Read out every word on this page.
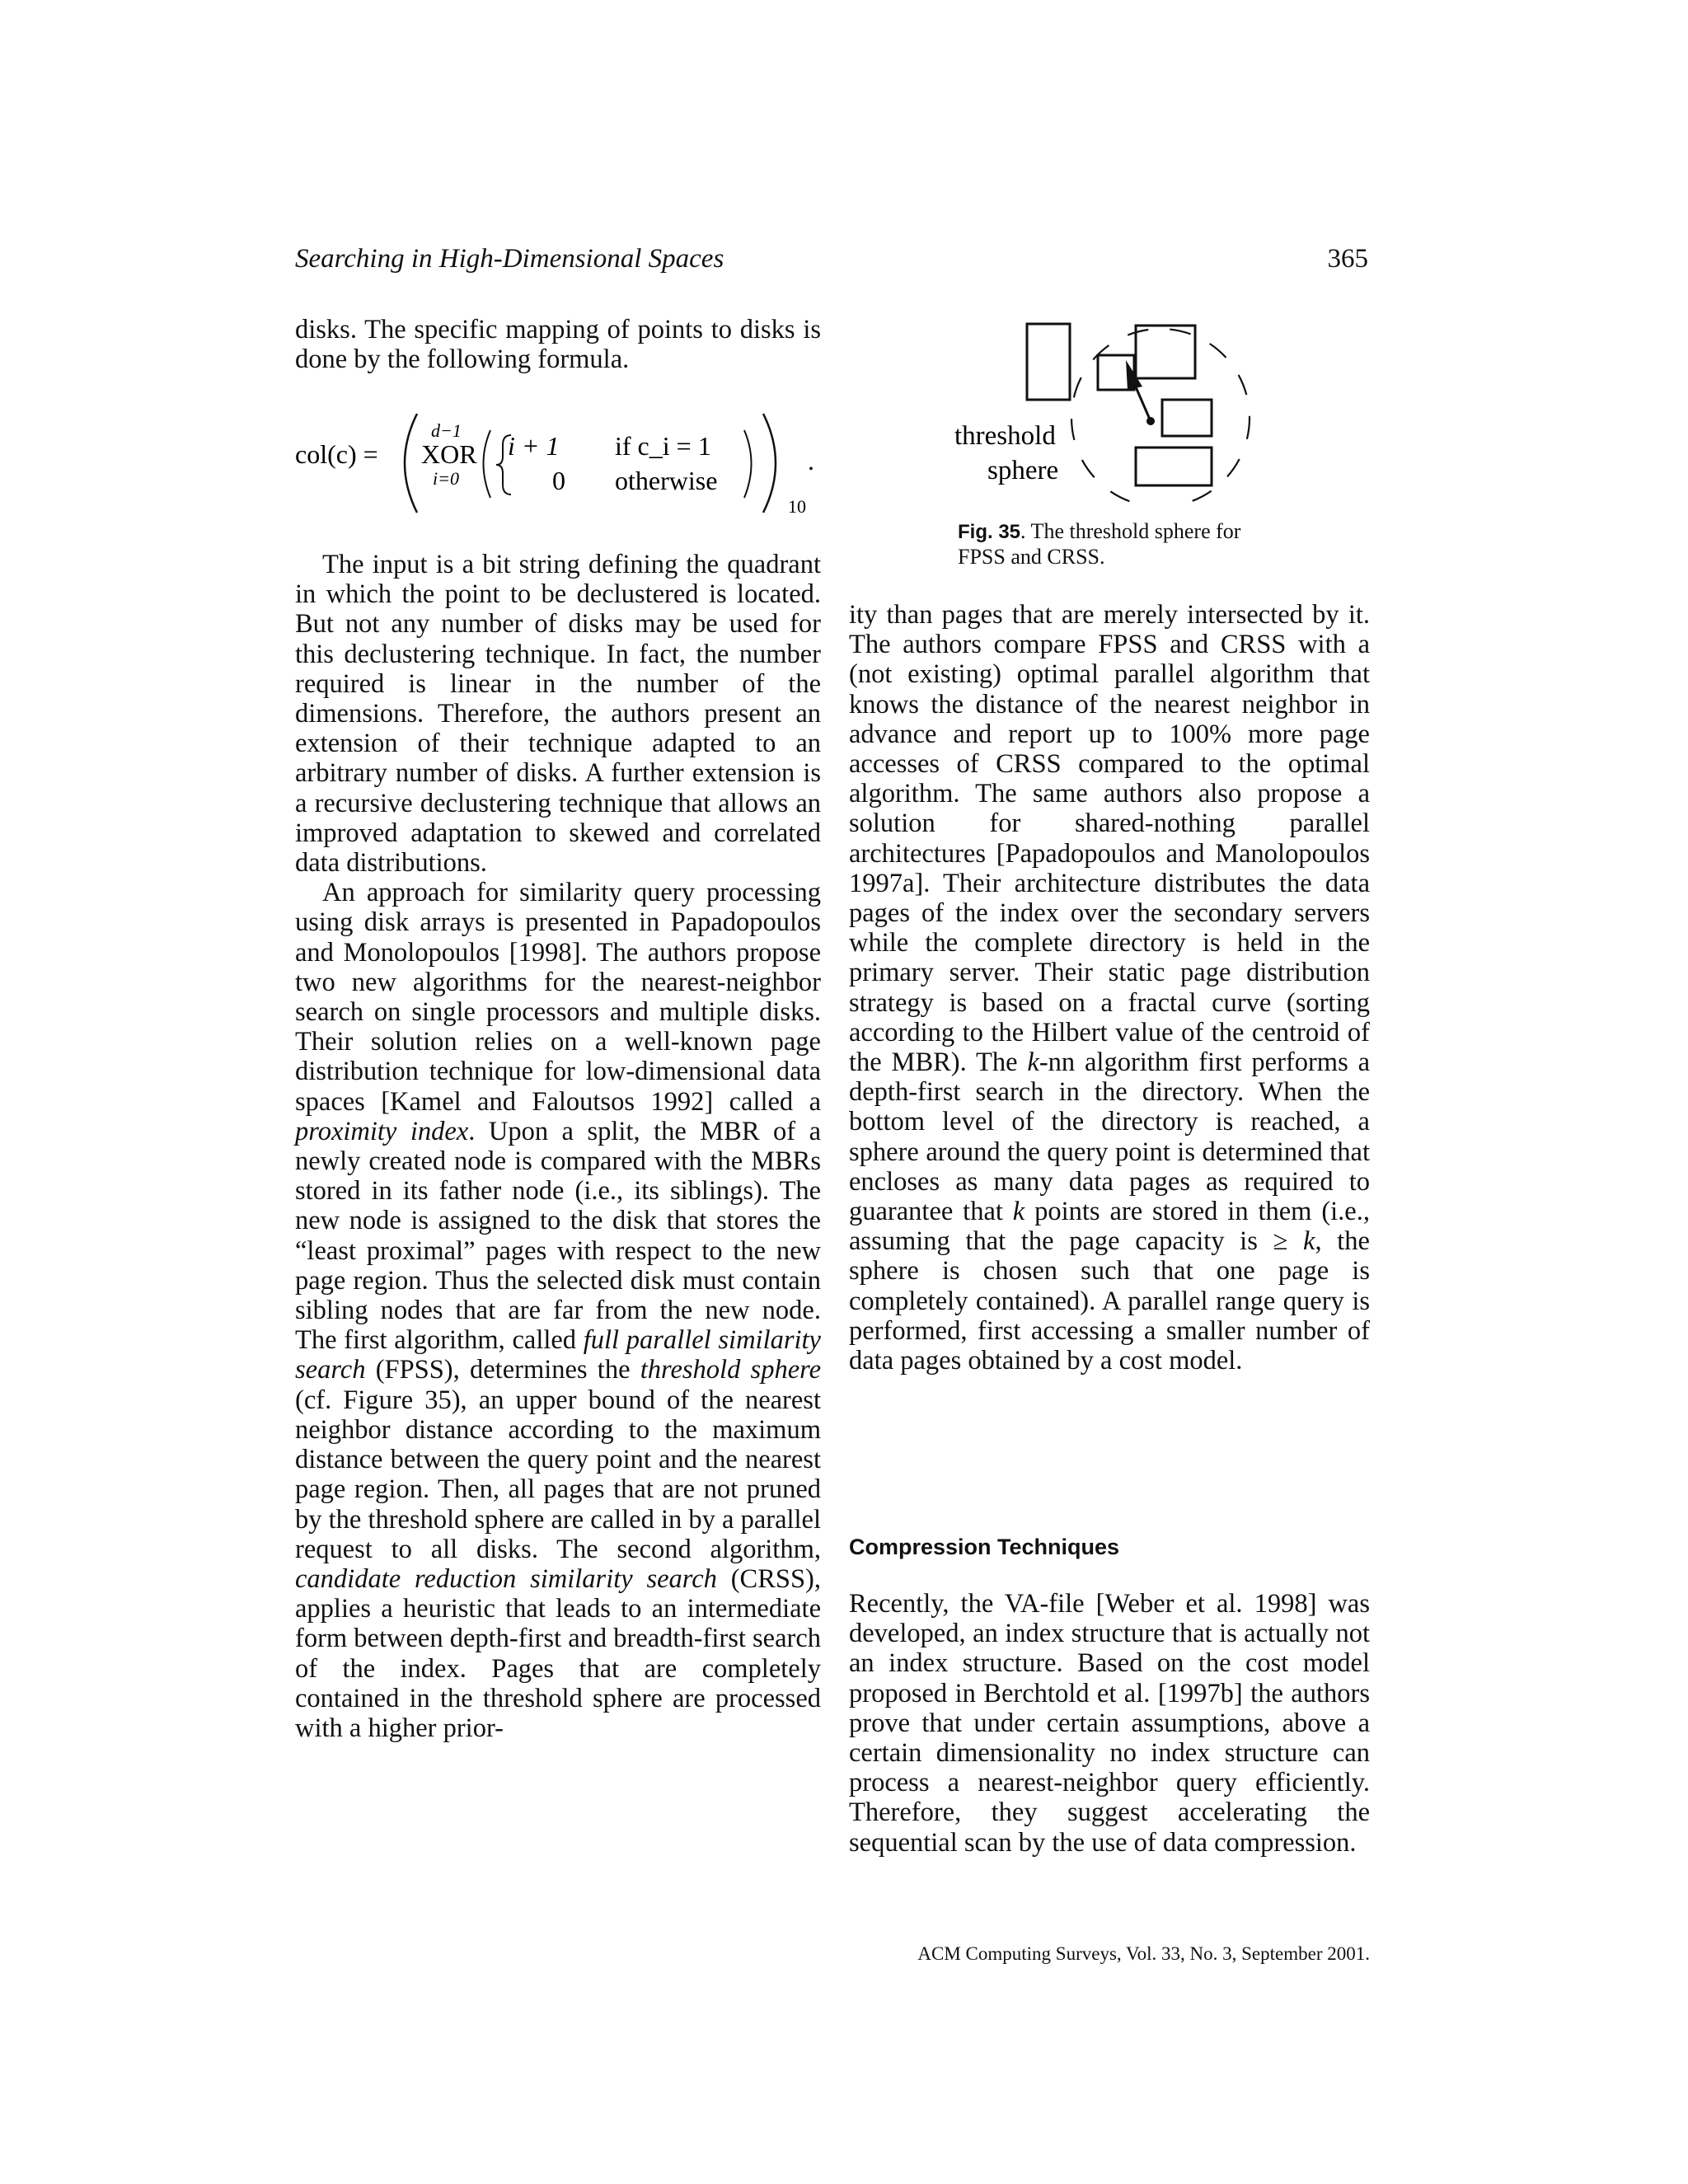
Searching in High-Dimensional Spaces	365

disks. The specific mapping of points to disks is done by the following formula.

col(c) =
d−1
XOR
i=0
i + 1 if c_i = 1
0 otherwise
10
.

The input is a bit string defining the quadrant in which the point to be declustered is located. But not any number of disks may be used for this declustering technique. In fact, the number required is linear in the number of the dimensions. Therefore, the authors present an extension of their technique adapted to an arbitrary number of disks. A further extension is a recursive declustering technique that allows an improved adaptation to skewed and correlated data distributions.

An approach for similarity query processing using disk arrays is presented in Papadopoulos and Monolopoulos [1998]. The authors propose two new algorithms for the nearest-neighbor search on single processors and multiple disks. Their solution relies on a well-known page distribution technique for low-dimensional data spaces [Kamel and Faloutsos 1992] called a proximity index. Upon a split, the MBR of a newly created node is compared with the MBRs stored in its father node (i.e., its siblings). The new node is assigned to the disk that stores the “least proximal” pages with respect to the new page region. Thus the selected disk must contain sibling nodes that are far from the new node. The first algorithm, called full parallel similarity search (FPSS), determines the threshold sphere (cf. Figure 35), an upper bound of the nearest neighbor distance according to the maximum distance between the query point and the nearest page region. Then, all pages that are not pruned by the threshold sphere are called in by a parallel request to all disks. The second algorithm, candidate reduction similarity search (CRSS), applies a heuristic that leads to an intermediate form between depth-first and breadth-first search of the index. Pages that are completely contained in the threshold sphere are processed with a higher prior-

threshold
sphere
Fig. 35. The threshold sphere for FPSS and CRSS.

ity than pages that are merely intersected by it. The authors compare FPSS and CRSS with a (not existing) optimal parallel algorithm that knows the distance of the nearest neighbor in advance and report up to 100% more page accesses of CRSS compared to the optimal algorithm. The same authors also propose a solution for shared-nothing parallel architectures [Papadopoulos and Manolopoulos 1997a]. Their architecture distributes the data pages of the index over the secondary servers while the complete directory is held in the primary server. Their static page distribution strategy is based on a fractal curve (sorting according to the Hilbert value of the centroid of the MBR). The k-nn algorithm first performs a depth-first search in the directory. When the bottom level of the directory is reached, a sphere around the query point is determined that encloses as many data pages as required to guarantee that k points are stored in them (i.e., assuming that the page capacity is ≥ k, the sphere is chosen such that one page is completely contained). A parallel range query is performed, first accessing a smaller number of data pages obtained by a cost model.

Compression Techniques

Recently, the VA-file [Weber et al. 1998] was developed, an index structure that is actually not an index structure. Based on the cost model proposed in Berchtold et al. [1997b] the authors prove that under certain assumptions, above a certain dimensionality no index structure can process a nearest-neighbor query efficiently. Therefore, they suggest accelerating the sequential scan by the use of data compression.

ACM Computing Surveys, Vol. 33, No. 3, September 2001.
